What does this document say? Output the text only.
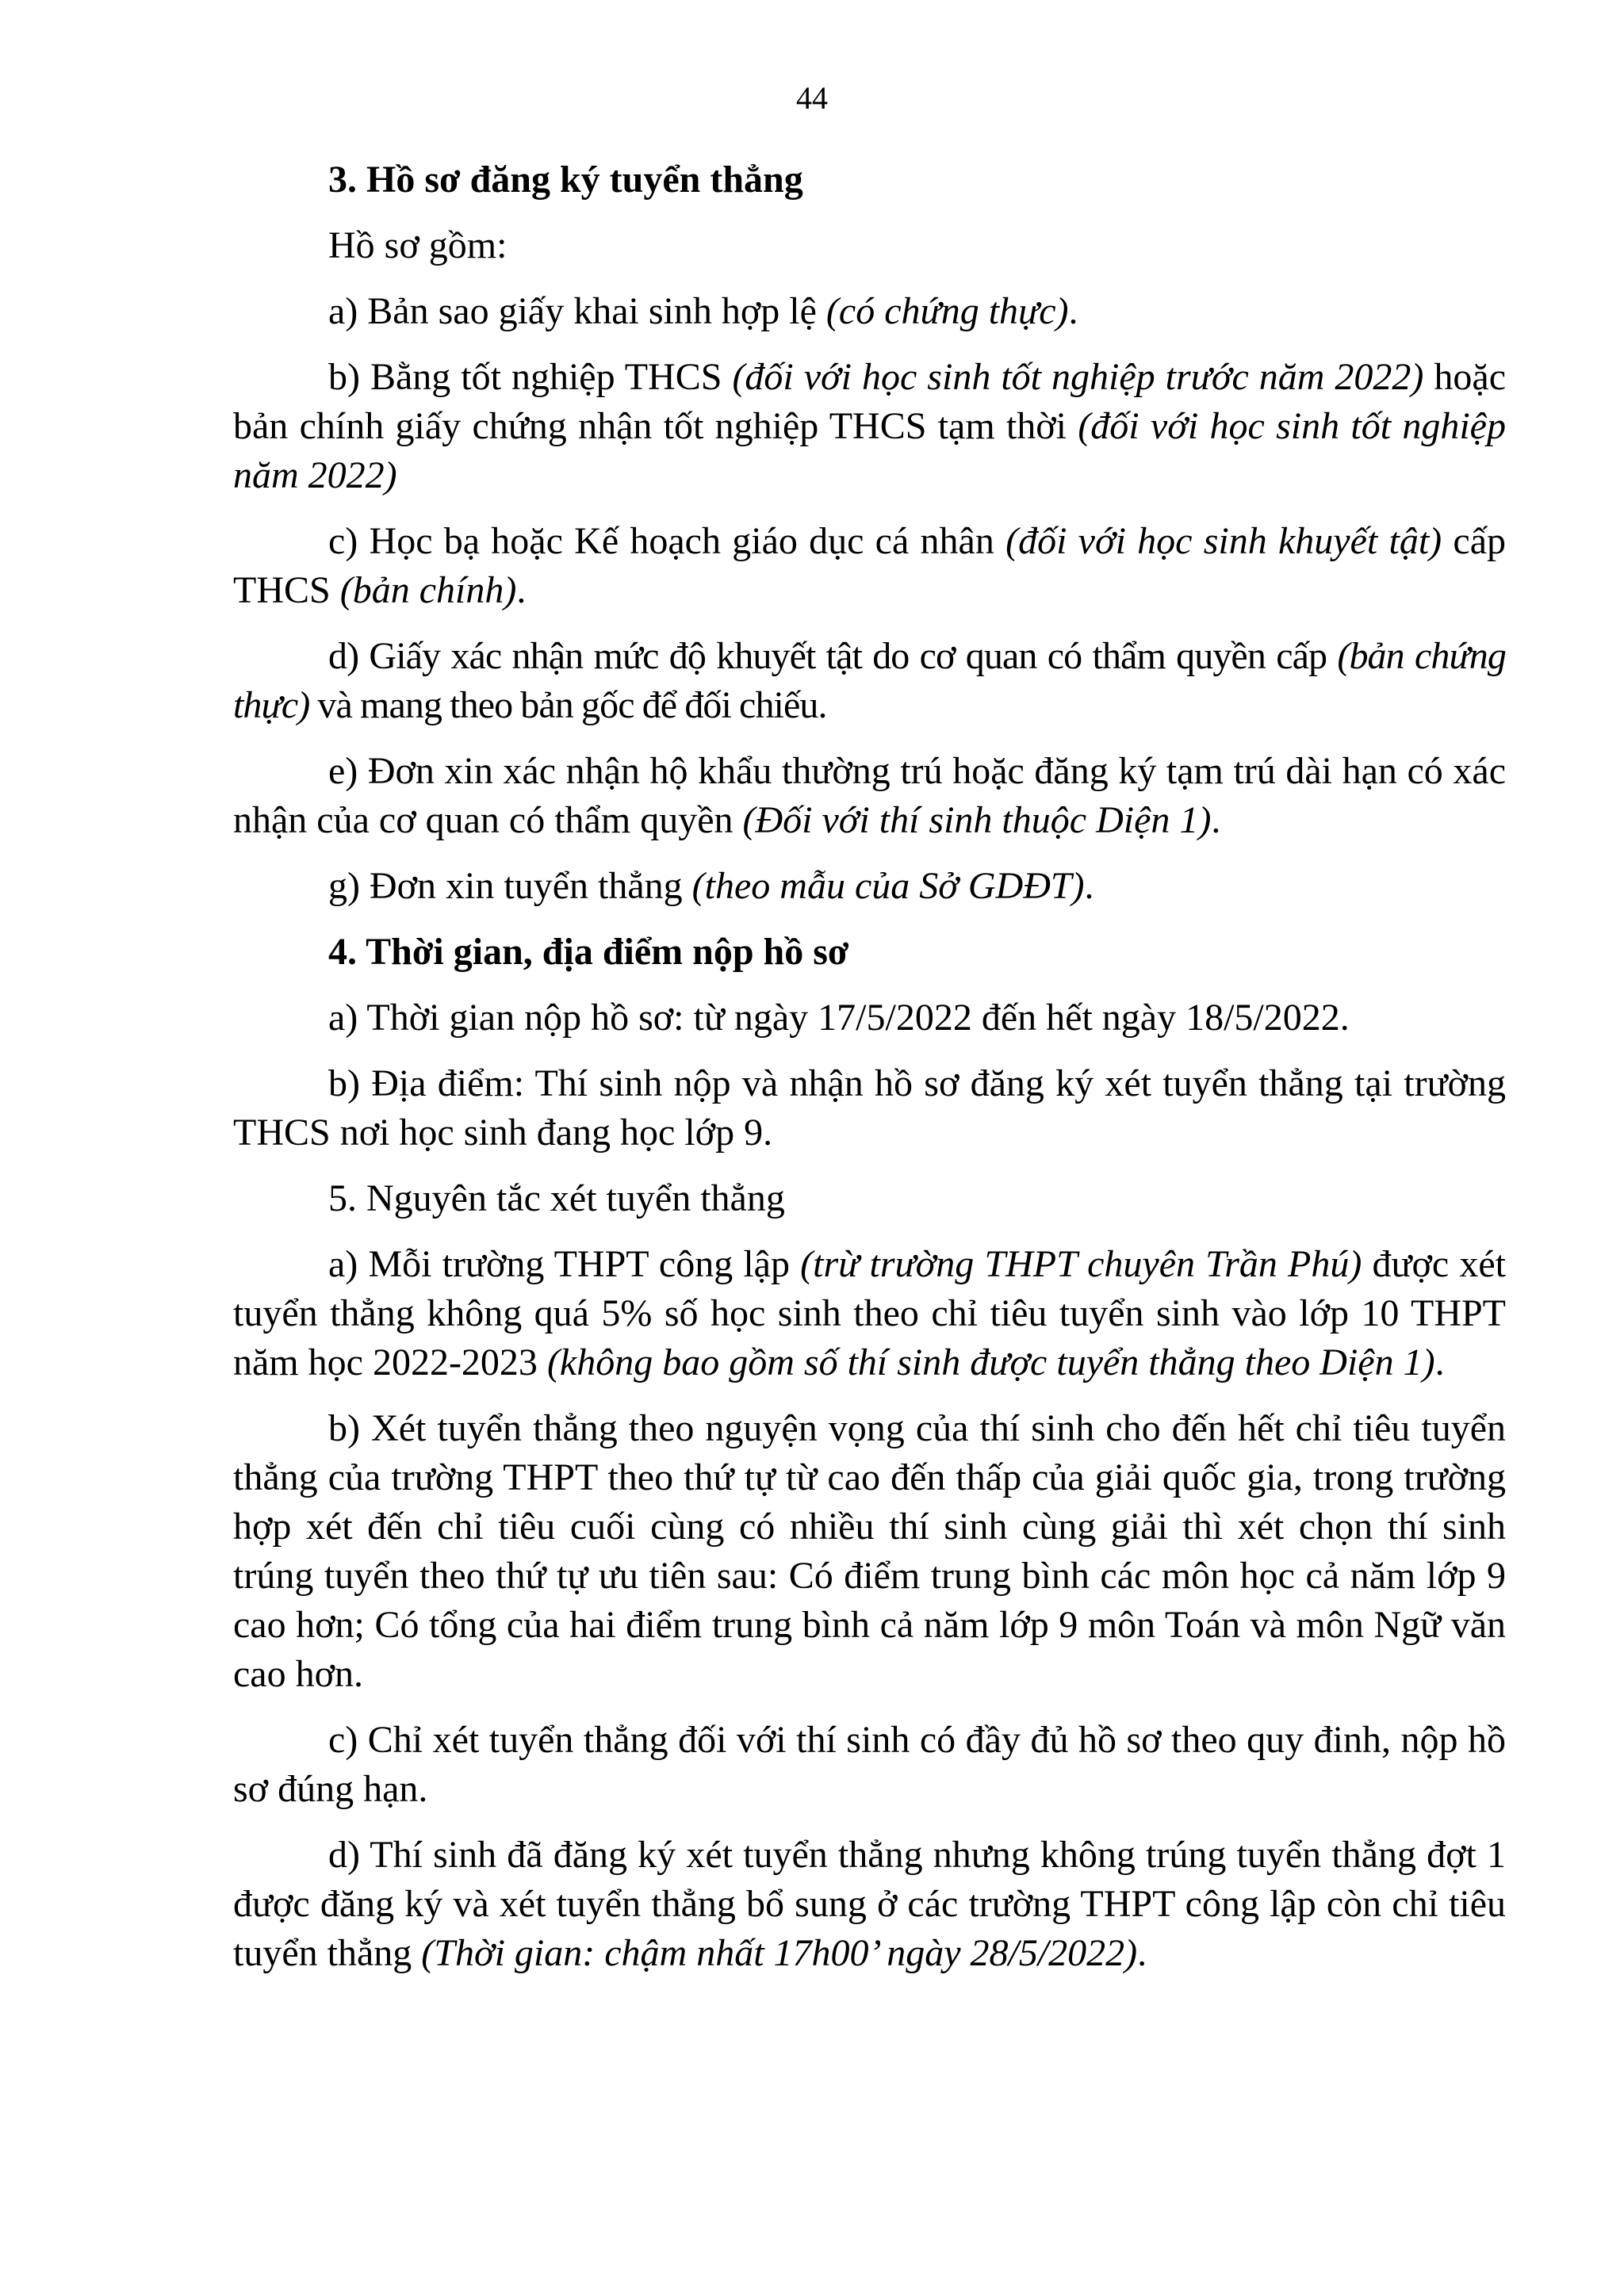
44

3. Hồ sơ đăng ký tuyển thẳng

Hồ sơ gồm:

a) Bản sao giấy khai sinh hợp lệ (có chứng thực).

b) Bằng tốt nghiệp THCS (đối với học sinh tốt nghiệp trước năm 2022) hoặc bản chính giấy chứng nhận tốt nghiệp THCS tạm thời (đối với học sinh tốt nghiệp năm 2022)

c) Học bạ hoặc Kế hoạch giáo dục cá nhân (đối với học sinh khuyết tật) cấp THCS (bản chính).

d) Giấy xác nhận mức độ khuyết tật do cơ quan có thẩm quyền cấp (bản chứng thực) và mang theo bản gốc để đối chiếu.

e) Đơn xin xác nhận hộ khẩu thường trú hoặc đăng ký tạm trú dài hạn có xác nhận của cơ quan có thẩm quyền (Đối với thí sinh thuộc Diện 1).

g) Đơn xin tuyển thẳng (theo mẫu của Sở GDĐT).

4. Thời gian, địa điểm nộp hồ sơ

a) Thời gian nộp hồ sơ: từ ngày 17/5/2022 đến hết ngày 18/5/2022.

b) Địa điểm: Thí sinh nộp và nhận hồ sơ đăng ký xét tuyển thẳng tại trường THCS nơi học sinh đang học lớp 9.

5. Nguyên tắc xét tuyển thẳng

a) Mỗi trường THPT công lập (trừ trường THPT chuyên Trần Phú) được xét tuyển thẳng không quá 5% số học sinh theo chỉ tiêu tuyển sinh vào lớp 10 THPT năm học 2022-2023 (không bao gồm số thí sinh được tuyển thẳng theo Diện 1).

b) Xét tuyển thẳng theo nguyện vọng của thí sinh cho đến hết chỉ tiêu tuyển thẳng của trường THPT theo thứ tự từ cao đến thấp của giải quốc gia, trong trường hợp xét đến chỉ tiêu cuối cùng có nhiều thí sinh cùng giải thì xét chọn thí sinh trúng tuyển theo thứ tự ưu tiên sau: Có điểm trung bình các môn học cả năm lớp 9 cao hơn; Có tổng của hai điểm trung bình cả năm lớp 9 môn Toán và môn Ngữ văn cao hơn.

c) Chỉ xét tuyển thẳng đối với thí sinh có đầy đủ hồ sơ theo quy đinh, nộp hồ sơ đúng hạn.

d) Thí sinh đã đăng ký xét tuyển thẳng nhưng không trúng tuyển thẳng đợt 1 được đăng ký và xét tuyển thẳng bổ sung ở các trường THPT công lập còn chỉ tiêu tuyển thẳng (Thời gian: chậm nhất 17h00’ ngày 28/5/2022).
